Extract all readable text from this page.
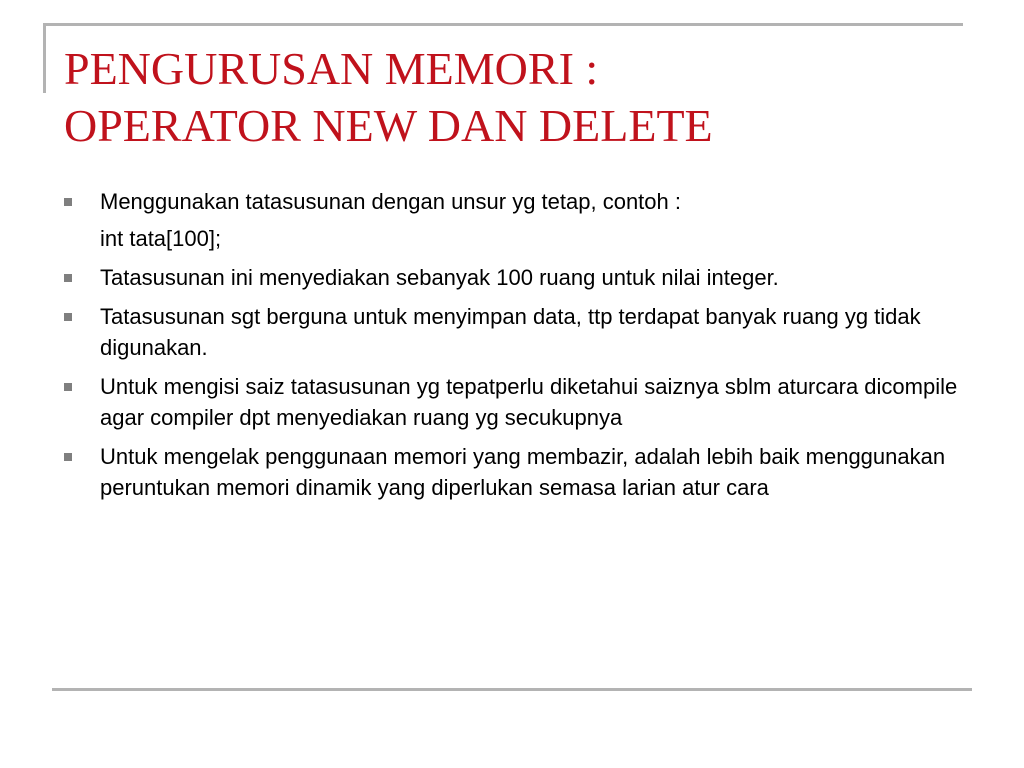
PENGURUSAN MEMORI :
OPERATOR NEW DAN DELETE
Menggunakan tatasusunan dengan unsur yg tetap, contoh :
int tata[100];
Tatasusunan ini menyediakan sebanyak 100 ruang untuk nilai integer.
Tatasusunan sgt berguna untuk menyimpan data, ttp terdapat banyak ruang yg tidak digunakan.
Untuk mengisi saiz tatasusunan yg tepatperlu diketahui saiznya sblm aturcara dicompile agar compiler dpt menyediakan ruang yg secukupnya
Untuk mengelak penggunaan memori yang membazir, adalah lebih baik menggunakan peruntukan memori dinamik yang diperlukan semasa larian atur cara
